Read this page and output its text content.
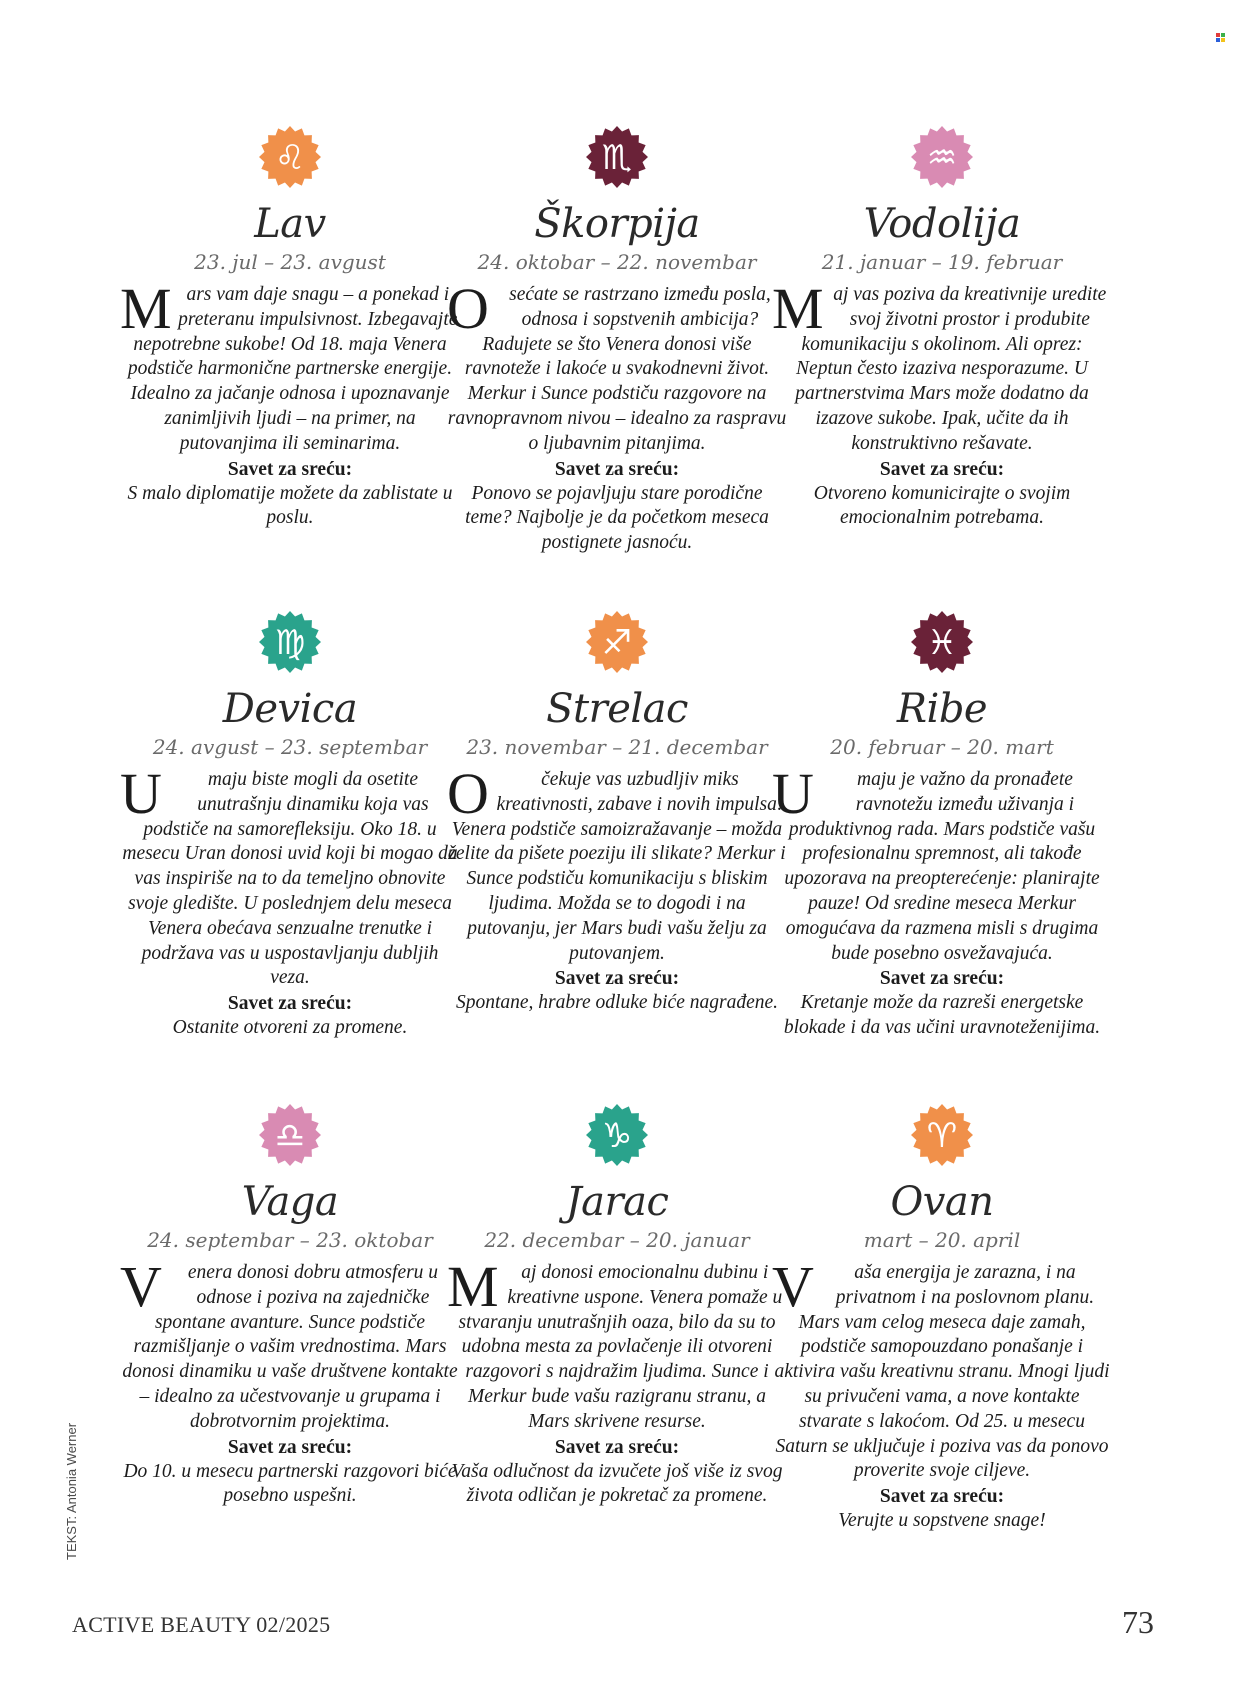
♌
Lav
23. jul – 23. avgust
Mars vam daje snagu – a ponekad i preteranu impulsivnost. Izbegavajte nepotrebne sukobe! Od 18. maja Venera podstiče harmonične partnerske energije. Idealno za jačanje odnosa i upoznavanje zanimljivih ljudi – na primer, na putovanjima ili seminarima.
Savet za sreću:
S malo diplomatije možete da zablistate u poslu.
♏
Škorpija
24. oktobar – 22. novembar
O sećate se rastrzano između posla, odnosa i sopstvenih ambicija? Radujete se što Venera donosi više ravnoteže i lakoće u svakodnevni život. Merkur i Sunce podstiču razgovore na ravnopravnom nivou – idealno za raspravu o ljubavnim pitanjima.
Savet za sreću:
Ponovo se pojavljuju stare porodične teme? Najbolje je da početkom meseca postignete jasnoću.
♒
Vodolija
21. januar – 19. februar
Maj vas poziva da kreativnije uredite svoj životni prostor i produbite komunikaciju s okolinom. Ali oprez: Neptun često izaziva nesporazume. U partnerstvima Mars može dodatno da izazove sukobe. Ipak, učite da ih konstruktivno rešavate.
Savet za sreću:
Otvoreno komunicirajte o svojim emocionalnim potrebama.
♍
Devica
24. avgust – 23. septembar
U maju biste mogli da osetite unutrašnju dinamiku koja vas podstiče na samorefleksiju. Oko 18. u mesecu Uran donosi uvid koji bi mogao da vas inspiriše na to da temeljno obnovite svoje gledište. U poslednjem delu meseca Venera obećava senzualne trenutke i podržava vas u uspostavljanju dubljih veza.
Savet za sreću:
Ostanite otvoreni za promene.
♐
Strelac
23. novembar – 21. decembar
O	čekuje vas uzbudljiv miks kreativnosti, zabave i novih impulsa: Venera podstiče samoizražavanje – možda želite da pišete poeziju ili slikate? Merkur i Sunce podstiču komunikaciju s bliskim ljudima. Možda se to dogodi i na putovanju, jer Mars budi vašu želju za putovanjem.
Savet za sreću:
Spontane, hrabre odluke biće nagrađene.
♓
Ribe
20. februar – 20. mart
U maju je važno da pronađete ravnotežu između uživanja i produktivnog rada. Mars podstiče vašu profesionalnu spremnost, ali takođe upozorava na preopterećenje: planirajte pauze! Od sredine meseca Merkur omogućava da razmena misli s drugima bude posebno osvežavajuća.
Savet za sreću:
Kretanje može da razreši energetske blokade i da vas učini uravnoteženijima.
♎
Vaga
24. septembar – 23. oktobar
V enera donosi dobru atmosferu u odnose i poziva na zajedničke spontane avanture. Sunce podstiče razmišljanje o vašim vrednostima. Mars donosi dinamiku u vaše društvene kontakte – idealno za učestvovanje u grupama i dobrotvornim projektima.
Savet za sreću:
Do 10. u mesecu partnerski razgovori biće posebno uspešni.
♑
Jarac
22. decembar – 20. januar
M aj donosi emocionalnu dubinu i kreativne uspone. Venera pomaže u stvaranju unutrašnjih oaza, bilo da su to udobna mesta za povlačenje ili otvoreni razgovori s najdražim ljudima. Sunce i Merkur bude vašu razigranu stranu, a Mars skrivene resurse.
Savet za sreću:
Vaša odlučnost da izvučete još više iz svog života odličan je pokretač za promene.
♈
Ovan
mart – 20. april
V aša energija je zarazna, i na privatnom i na poslovnom planu. Mars vam celog meseca daje zamah, podstiče samopouzdano ponašanje i aktivira vašu kreativnu stranu. Mnogi ljudi su privučeni vama, a nove kontakte stvarate s lakoćom. Od 25. u mesecu Saturn se uključuje i poziva vas da ponovo proverite svoje ciljeve.
Savet za sreću:
Verujte u sopstvene snage!
TEKST: Antonia Werner
ACTIVE BEAUTY 02/2025	73
